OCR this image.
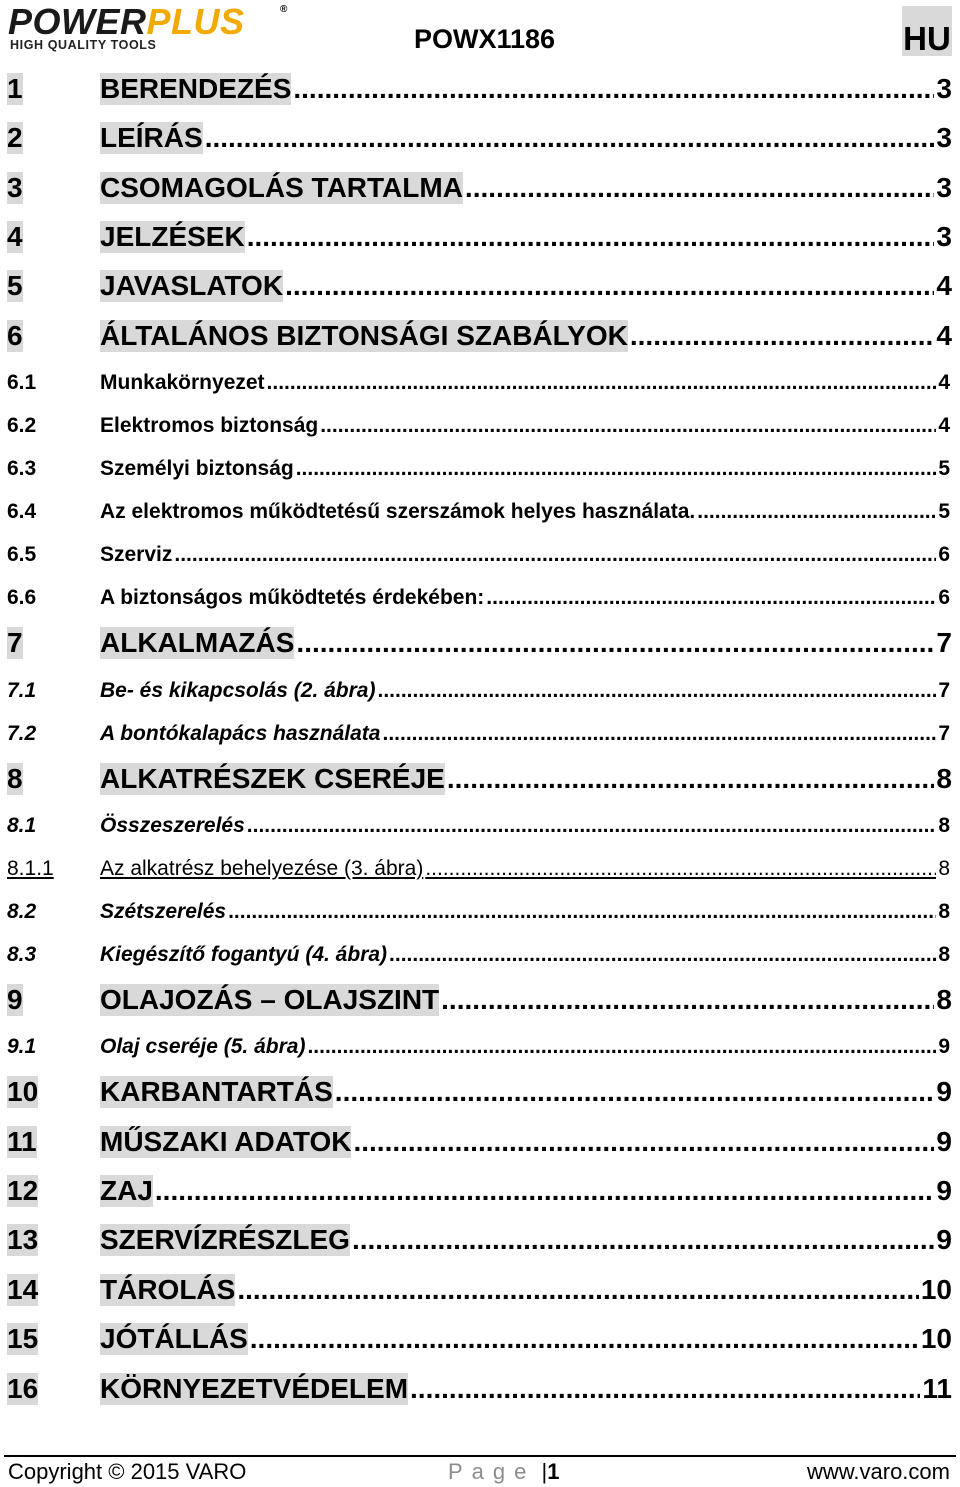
POWERPLUS	®
HIGH QUALITY TOOLS	POWX1186	HU
1	BERENDEZÉS .....	3
2	LEÍRÁS .....	3
3	CSOMAGOLÁS TARTALMA .....	3
4	JELZÉSEK .....	3
5	JAVASLATOK .....	4
6	ÁLTALÁNOS BIZTONSÁGI SZABÁLYOK .....	4
6.1	Munkakörnyezet .....	4
6.2	Elektromos biztonság .....	4
6.3	Személyi biztonság .....	5
6.4	Az elektromos működtetésű szerszámok helyes használata. .....	5
6.5	Szerviz .....	6
6.6	A biztonságos működtetés érdekében: .....	6
7	ALKALMAZÁS .....	7
7.1	Be- és kikapcsolás (2. ábra) .....	7
7.2	A bontókalapács használata .....	7
8	ALKATRÉSZEK CSERÉJE .....	8
8.1	Összeszerelés .....	8
8.1.1 Az alkatrész behelyezése (3. ábra) .....	8
8.2	Szétszerelés .....	8
8.3	Kiegészítő fogantyú (4. ábra) .....	8
9	OLAJOZÁS – OLAJSZINT .....	8
9.1	Olaj cseréje (5. ábra) .....	9
10 KARBANTARTÁS .....	9
11 MŰSZAKI ADATOK .....	9
12 ZAJ .....	9
13 SZERVÍZRÉSZLEG .....	9
14 TÁROLÁS .....	10
15 JÓTÁLLÁS .....	10
16 KÖRNYEZETVÉDELEM .....	11
Copyright © 2015 VARO	Page |1	www.varo.com
